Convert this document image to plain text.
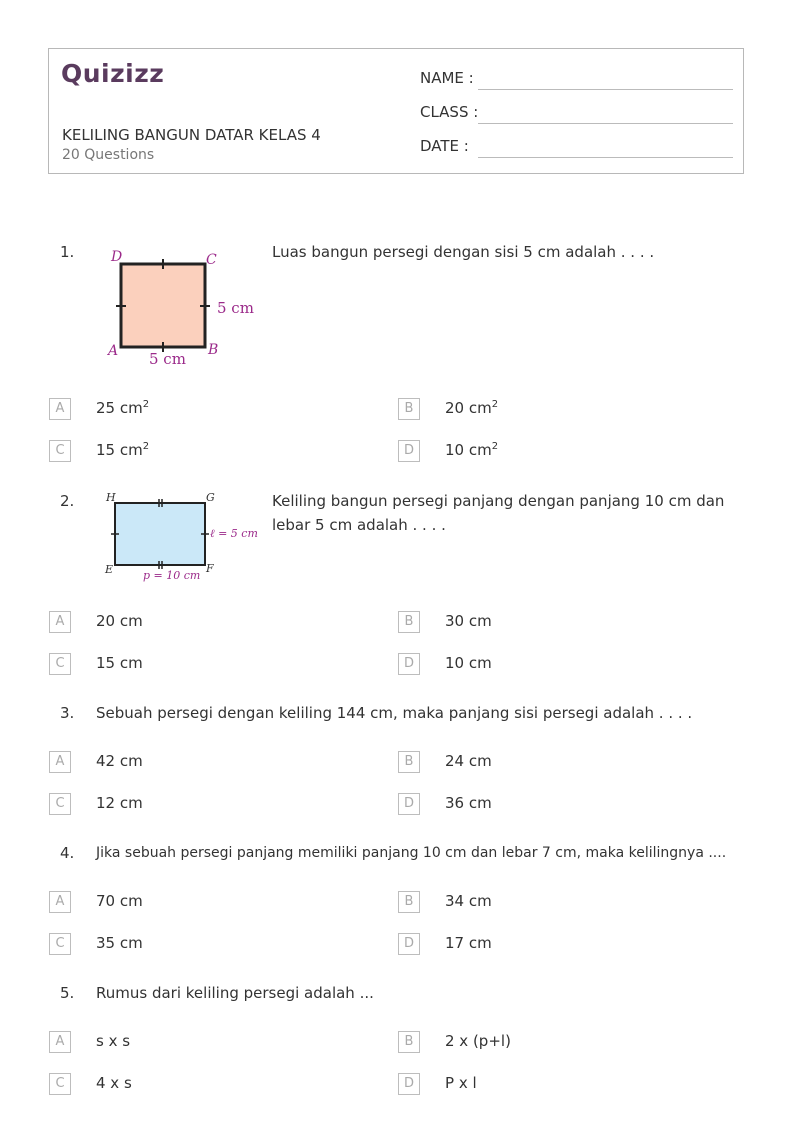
Quizizz
KELILING BANGUN DATAR KELAS 4
20 Questions
NAME :
CLASS :
DATE :
1.	D	C
A	B
5 cm
5 cm
Luas bangun persegi dengan sisi 5 cm adalah . . . .
A	25 $cm^2$	B	20 $cm^2$
C	15 $cm^2$	D	10 $cm^2$
2.	H	G
E	F
ℓ = 5 cm
p = 10 cm
Keliling bangun persegi panjang dengan panjang 10 cm dan
lebar 5 cm adalah . . . .
A	20 cm	B	30 cm
C	15 cm	D	10 cm
3. Sebuah persegi dengan keliling 144 cm, maka panjang sisi persegi adalah . . . .
A	42 cm	B	24 cm
C	12 cm	D	36 cm
4. Jika sebuah persegi panjang memiliki panjang 10 cm dan lebar 7 cm, maka kelilingnya ....
A	70 cm	B	34 cm
C	35 cm	D	17 cm
5. Rumus dari keliling persegi adalah ...
A	s x s	B	2 x (p+l)
C	4 x s	D	P x l
